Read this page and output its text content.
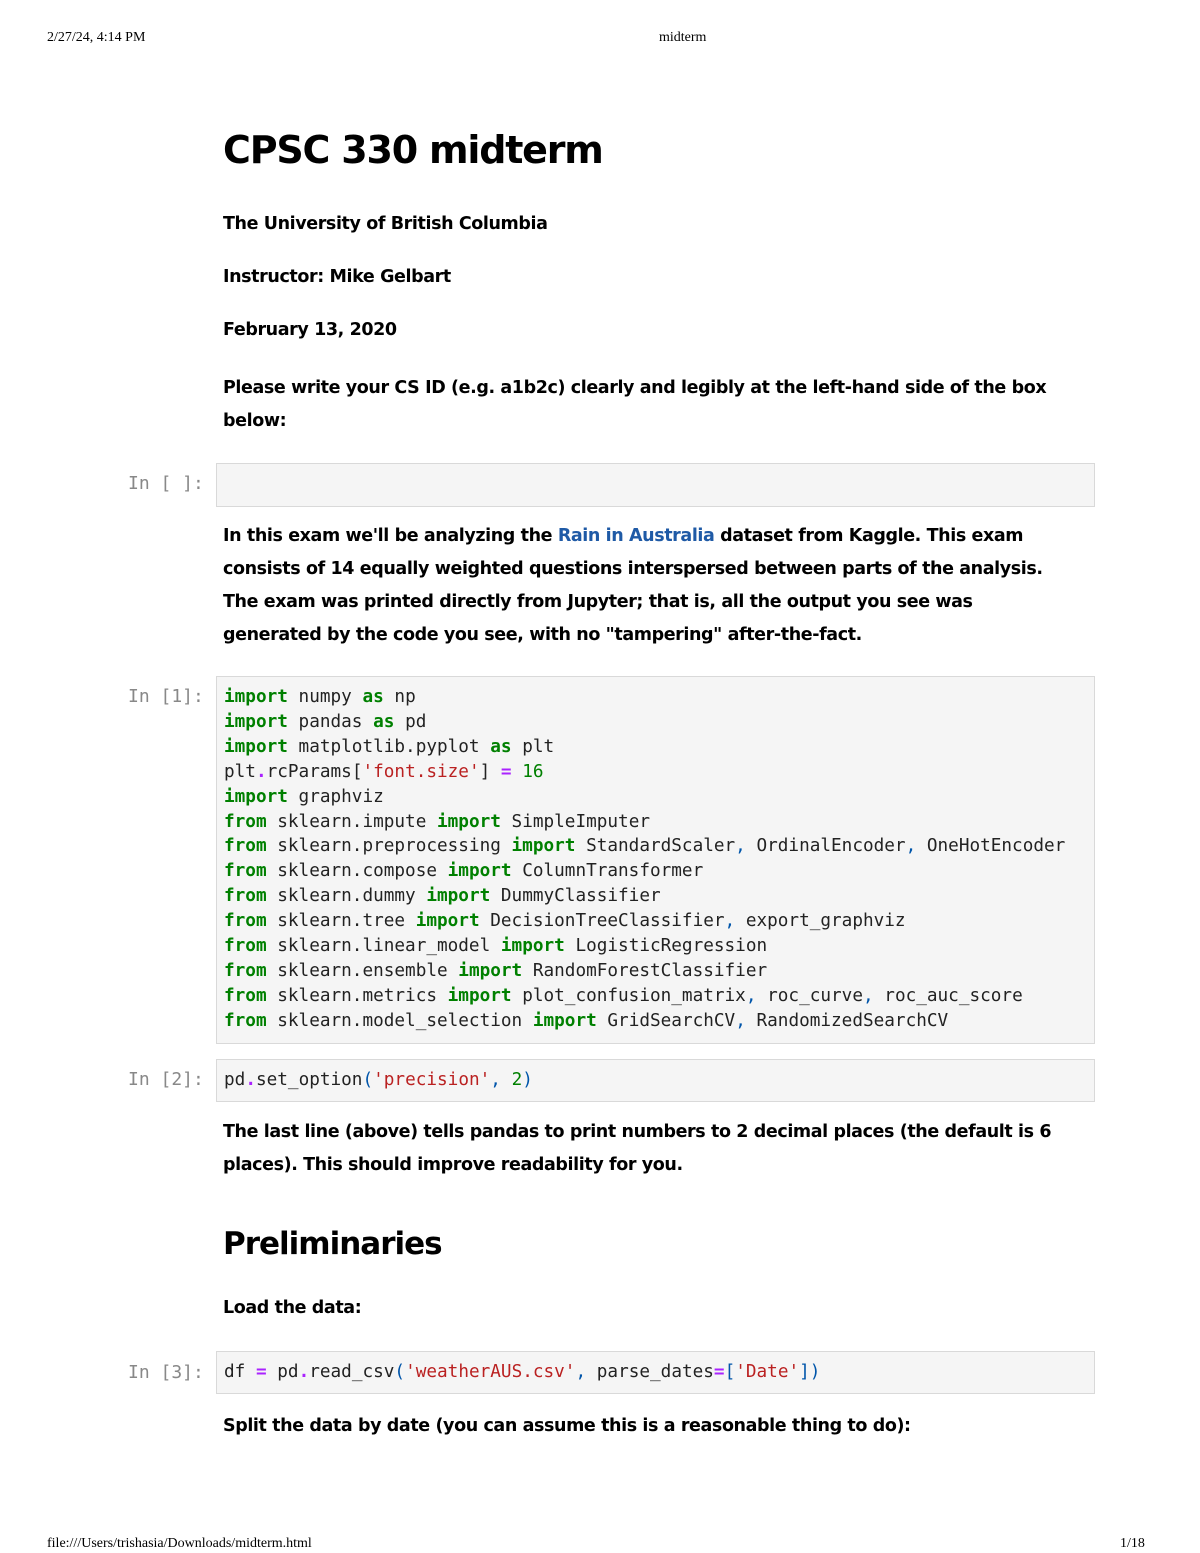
2/27/24, 4:14 PM	midterm
CPSC 330 midterm
The University of British Columbia
Instructor: Mike Gelbart
February 13, 2020
Please write your CS ID (e.g. a1b2c) clearly and legibly at the left-hand side of the box
below:
In [ ]:
In this exam we'll be analyzing the Rain in Australia dataset from Kaggle. This exam
consists of 14 equally weighted questions interspersed between parts of the analysis.
The exam was printed directly from Jupyter; that is, all the output you see was
generated by the code you see, with no "tampering" after-the-fact.
In [1]:	import numpy as np
import pandas as pd
import matplotlib.pyplot as plt
plt.rcParams['font.size'] = 16
import graphviz
from sklearn.impute import SimpleImputer
from sklearn.preprocessing import StandardScaler, OrdinalEncoder, OneHotEncoder
from sklearn.compose import ColumnTransformer
from sklearn.dummy import DummyClassifier
from sklearn.tree import DecisionTreeClassifier, export_graphviz
from sklearn.linear_model import LogisticRegression
from sklearn.ensemble import RandomForestClassifier
from sklearn.metrics import plot_confusion_matrix, roc_curve, roc_auc_score
from sklearn.model_selection import GridSearchCV, RandomizedSearchCV
In [2]:	pd.set_option('precision', 2)
The last line (above) tells pandas to print numbers to 2 decimal places (the default is 6
places). This should improve readability for you.
Preliminaries
Load the data:
In [3]:	df = pd.read_csv('weatherAUS.csv', parse_dates=['Date'])
Split the data by date (you can assume this is a reasonable thing to do):
file:///Users/trishasia/Downloads/midterm.html	1/18
